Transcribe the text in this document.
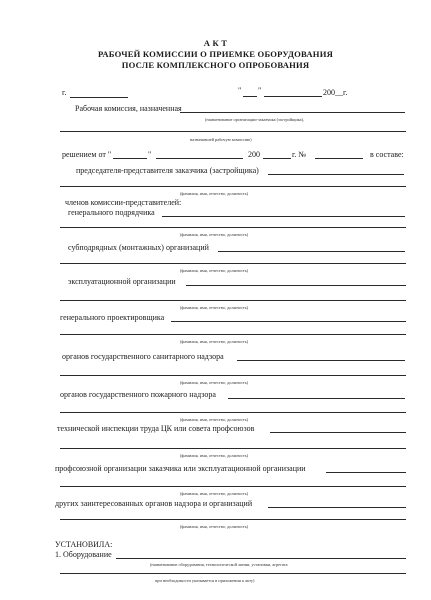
А К Т
РАБОЧЕЙ КОМИССИИ О ПРИЕМКЕ ОБОРУДОВАНИЯ
ПОСЛЕ КОМПЛЕКСНОГО ОПРОБОВАНИЯ
г.	" "	200__г.
Рабочая комиссия, назначенная
(наименование организации-заказчика (застройщика),
назначившей рабочую комиссию)
решением от "	"	200	г. №	в составе:
председателя-представителя заказчика (застройщика)
(фамилия, имя, отчество, должность)
членов комиссии-представителей:
генерального подрядчика
(фамилия, имя, отчество, должность)
субподрядных (монтажных) организаций
(фамилия, имя, отчество, должность)
эксплуатационной организации
(фамилия, имя, отчество, должность)
генерального проектировщика
(фамилия, имя, отчество, должность)
органов государственного санитарного надзора
(фамилия, имя, отчество, должность)
органов государственного пожарного надзора
(фамилия, имя, отчество, должность)
технической инспекции труда ЦК или совета профсоюзов
(фамилия, имя, отчество, должность)
профсоюзной организации заказчика или эксплуатационной организации
(фамилия, имя, отчество, должность)
других заинтересованных органов надзора и организаций
(фамилия, имя, отчество, должность)
УСТАНОВИЛА:
1. Оборудование
(наименование оборудования, технологической линии, установки, агрегата
при необходимости указывается в приложении к акту)
